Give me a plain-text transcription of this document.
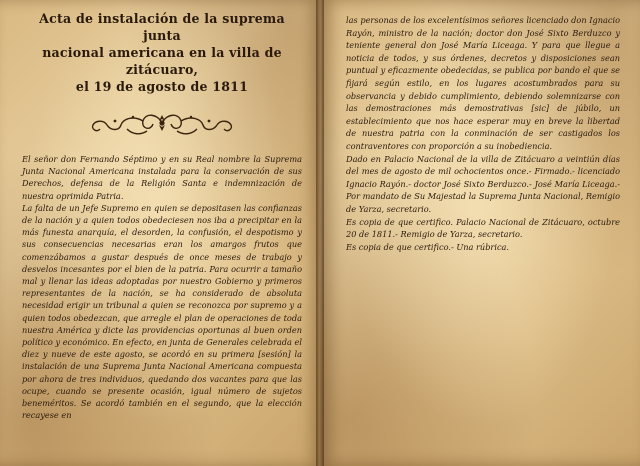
Acta de instalación de la suprema junta
nacional americana en la villa de zitácuaro,
el 19 de agosto de 1811

El señor don Fernando Séptimo y en su Real nombre la Suprema Junta Nacional Americana instalada para la conservación de sus Derechos, defensa de la Religión Santa e indemnización de nuestra oprimida Patria.

La falta de un Jefe Supremo en quien se depositasen las confianzas de la nación y a quien todos obedeciesen nos iba a precipitar en la más funesta anarquía, el desorden, la confusión, el despotismo y sus consecuencias necesarias eran los amargos frutos que comenzábamos a gustar después de once meses de trabajo y desvelos incesantes por el bien de la patria. Para ocurrir a tamaño mal y llenar las ideas adoptadas por nuestro Gobierno y primeros representantes de la nación, se ha considerado de absoluta necesidad erigir un tribunal a quien se reconozca por supremo y a quien todos obedezcan, que arregle el plan de operaciones de toda nuestra América y dicte las providencias oportunas al buen orden político y económico. En efecto, en junta de Generales celebrada el diez y nueve de este agosto, se acordó en su primera [sesión] la instalación de una Suprema Junta Nacional Americana compuesta por ahora de tres individuos, quedando dos vacantes para que las ocupe, cuando se presente ocasión, igual número de sujetos beneméritos. Se acordó también en el segundo, que la elección recayese en

las personas de los excelentísimos señores licenciado don Ignacio Rayón, ministro de la nación; doctor don José Sixto Berduzco y teniente general don José María Liceaga. Y para que llegue a noticia de todos, y sus órdenes, decretos y disposiciones sean puntual y eficazmente obedecidas, se publica por bando el que se fijará según estilo, en los lugares acostumbrados para su observancia y debido cumplimiento, debiendo solemnizarse con las demostraciones más demostrativas [sic] de júbilo, un establecimiento que nos hace esperar muy en breve la libertad de nuestra patria con la conminación de ser castigados los contraventores con proporción a su inobediencia.

Dado en Palacio Nacional de la villa de Zitácuaro a veintiún días del mes de agosto de mil ochocientos once.- Firmado.- licenciado Ignacio Rayón.- doctor José Sixto Berduzco.- José María Liceaga.- Por mandato de Su Majestad la Suprema Junta Nacional, Remigio de Yarza, secretario.

Es copia de que certifico. Palacio Nacional de Zitácuaro, octubre 20 de 1811.- Remigio de Yarza, secretario.

Es copia de que certifico.- Una rúbrica.
